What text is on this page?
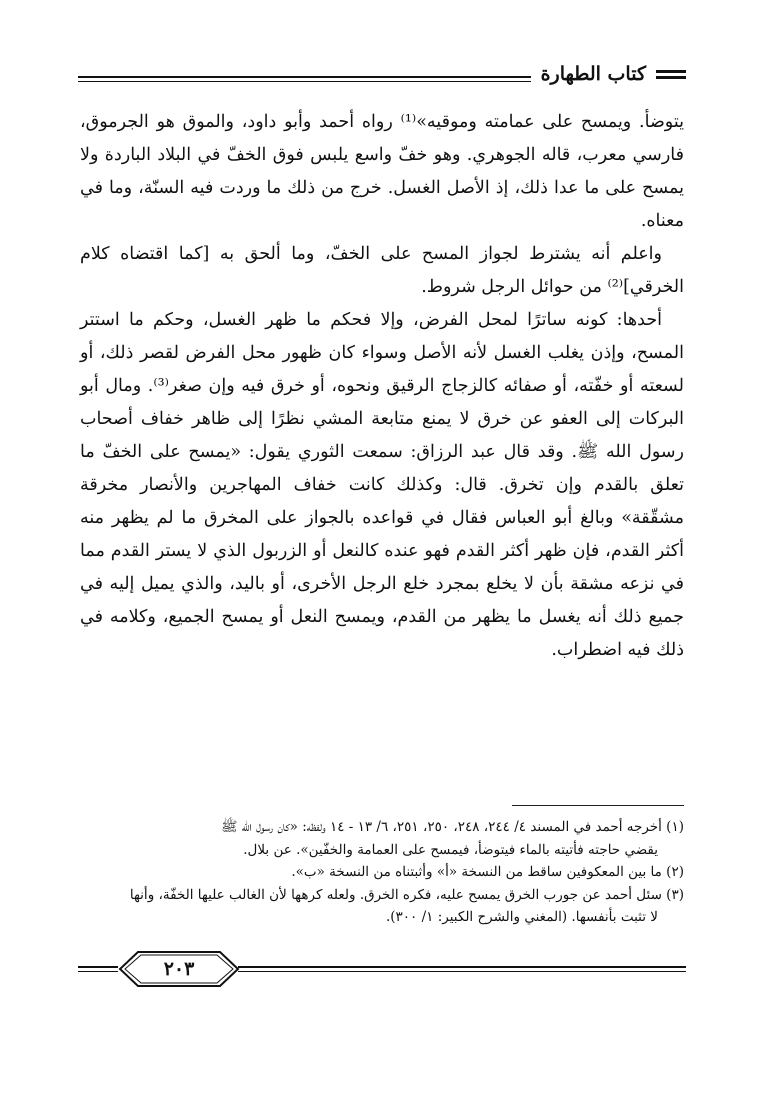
كتاب الطهارة

يتوضأ. ويمسح على عمامته وموقيه»⁽¹⁾ رواه أحمد وأبو داود، والموق هو الجرموق، فارسي معرب، قاله الجوهري. وهو خفّ واسع يلبس فوق الخفّ في البلاد الباردة ولا يمسح على ما عدا ذلك، إذ الأصل الغسل. خرج من ذلك ما وردت فيه السنّة، وما في معناه.

واعلم أنه يشترط لجواز المسح على الخفّ، وما ألحق به [كما اقتضاه كلام الخرقي]⁽²⁾ من حوائل الرجل شروط.

أحدها: كونه ساترًا لمحل الفرض، وإلا فحكم ما ظهر الغسل، وحكم ما استتر المسح، وإذن يغلب الغسل لأنه الأصل وسواء كان ظهور محل الفرض لقصر ذلك، أو لسعته أو خفّته، أو صفائه كالزجاج الرقيق ونحوه، أو خرق فيه وإن صغر⁽³⁾. ومال أبو البركات إلى العفو عن خرق لا يمنع متابعة المشي نظرًا إلى ظاهر خفاف أصحاب رسول الله ﷺ. وقد قال عبد الرزاق: سمعت الثوري يقول: «يمسح على الخفّ ما تعلق بالقدم وإن تخرق. قال: وكذلك كانت خفاف المهاجرين والأنصار مخرقة مشقّقة» وبالغ أبو العباس فقال في قواعده بالجواز على المخرق ما لم يظهر منه أكثر القدم، فإن ظهر أكثر القدم فهو عنده كالنعل أو الزربول الذي لا يستر القدم مما في نزعه مشقة بأن لا يخلع بمجرد خلع الرجل الأخرى، أو باليد، والذي يميل إليه في جميع ذلك أنه يغسل ما يظهر من القدم، ويمسح النعل أو يمسح الجميع، وكلامه في ذلك فيه اضطراب.

(١) أخرجه أحمد في المسند ٤/ ٢٤٤، ٢٤٨، ٢٥٠، ٢٥١، ٦/ ١٣ - ١٤ ولفظه: «كان رسول الله ﷺ

يقضي حاجته فأتيته بالماء فيتوضأ، فيمسح على العمامة والخفّين». عن بلال.

(٢) ما بين المعكوفين ساقط من النسخة «أ» وأثبتناه من النسخة «ب».

(٣) سئل أحمد عن جورب الخرق يمسح عليه، فكره الخرق. ولعله كرهها لأن الغالب عليها الخفّة، وأنها

لا تثبت بأنفسها. (المغني والشرح الكبير: ١/ ٣٠٠).

٢٠٣
